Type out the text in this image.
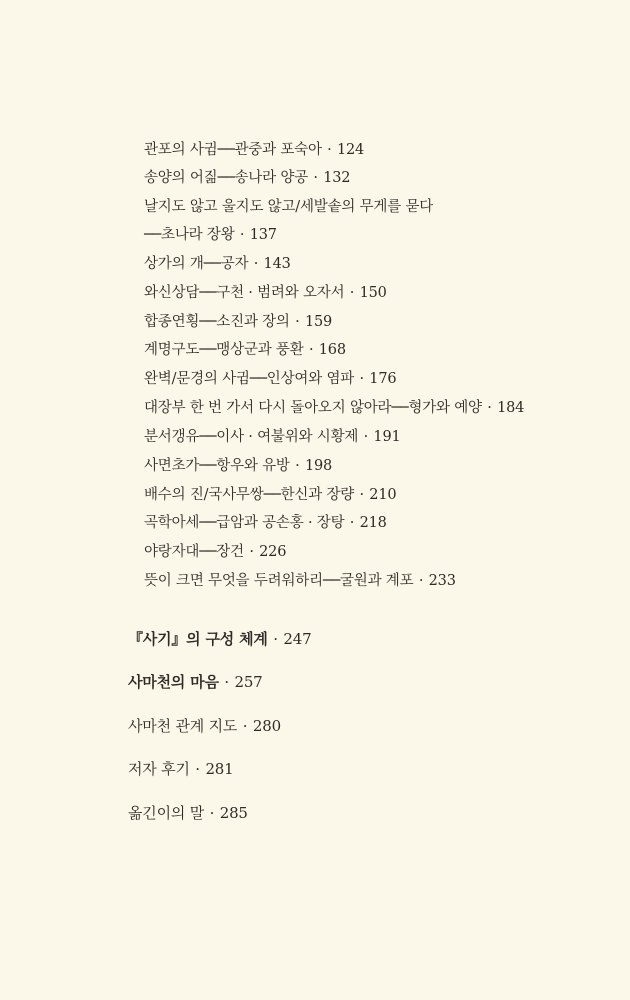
관포의 사귐──관중과 포숙아 · 124
송양의 어짊──송나라 양공 · 132
날지도 않고 울지도 않고/세발솥의 무게를 묻다
──초나라 장왕 · 137
상가의 개──공자 · 143
와신상담──구천 · 범려와 오자서 · 150
합종연횡──소진과 장의 · 159
계명구도──맹상군과 풍환 · 168
완벽/문경의 사귐──인상여와 염파 · 176
대장부 한 번 가서 다시 돌아오지 않아라──형가와 예양 · 184
분서갱유──이사 · 여불위와 시황제 · 191
사면초가──항우와 유방 · 198
배수의 진/국사무쌍──한신과 장량 · 210
곡학아세──급암과 공손홍 · 장탕 · 218
야랑자대──장건 · 226
뜻이 크면 무엇을 두려워하리──굴원과 계포 · 233
『사기』의 구성 체계 · 247
사마천의 마음 · 257
사마천 관계 지도 · 280
저자 후기 · 281
옮긴이의 말 · 285
